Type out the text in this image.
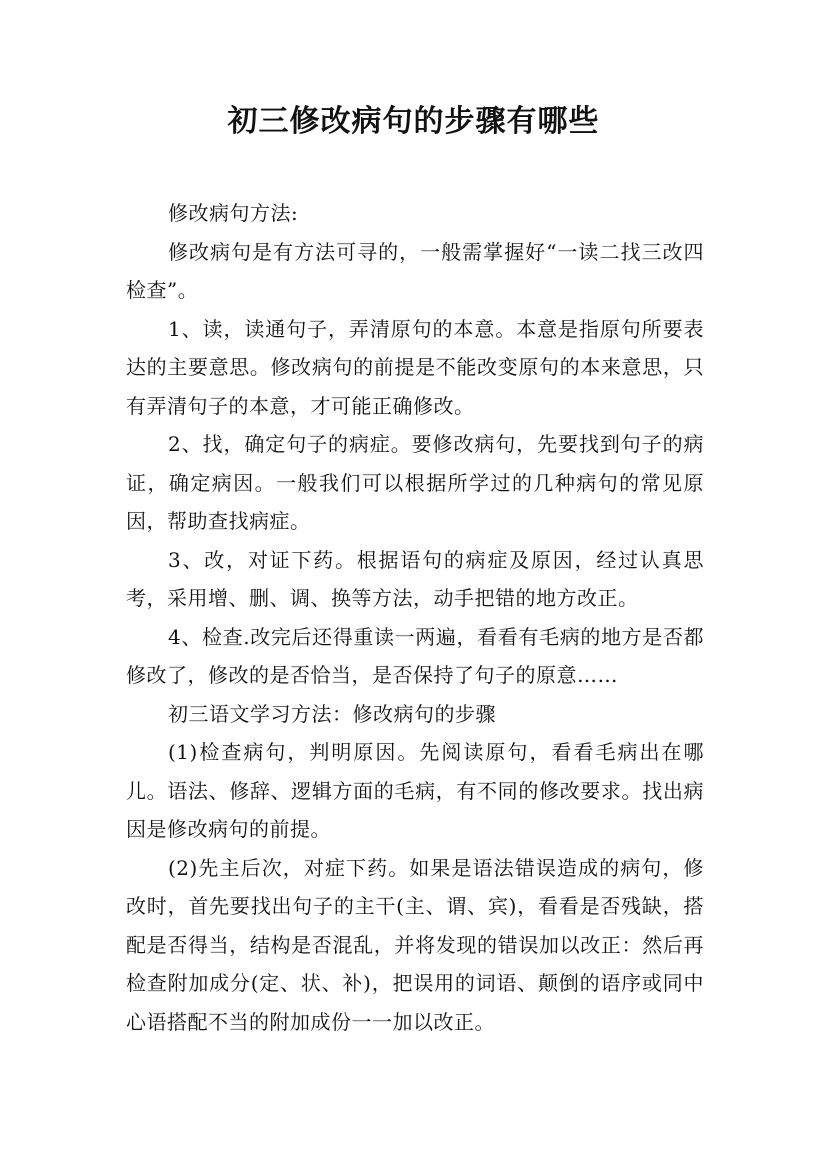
初三修改病句的步骤有哪些

修改病句方法:

修改病句是有方法可寻的，一般需掌握好“一读二找三改四检查”。

1、读，读通句子，弄清原句的本意。本意是指原句所要表达的主要意思。修改病句的前提是不能改变原句的本来意思，只有弄清句子的本意，才可能正确修改。

2、找，确定句子的病症。要修改病句，先要找到句子的病证，确定病因。一般我们可以根据所学过的几种病句的常见原因，帮助查找病症。

3、改，对证下药。根据语句的病症及原因，经过认真思考，采用增、删、调、换等方法，动手把错的地方改正。

4、检查.改完后还得重读一两遍，看看有毛病的地方是否都修改了，修改的是否恰当，是否保持了句子的原意……

初三语文学习方法：修改病句的步骤

(1)检查病句，判明原因。先阅读原句，看看毛病出在哪儿。语法、修辞、逻辑方面的毛病，有不同的修改要求。找出病因是修改病句的前提。

(2)先主后次，对症下药。如果是语法错误造成的病句，修改时，首先要找出句子的主干(主、谓、宾)，看看是否残缺，搭配是否得当，结构是否混乱，并将发现的错误加以改正：然后再检查附加成分(定、状、补)，把误用的词语、颠倒的语序或同中心语搭配不当的附加成份一一加以改正。
